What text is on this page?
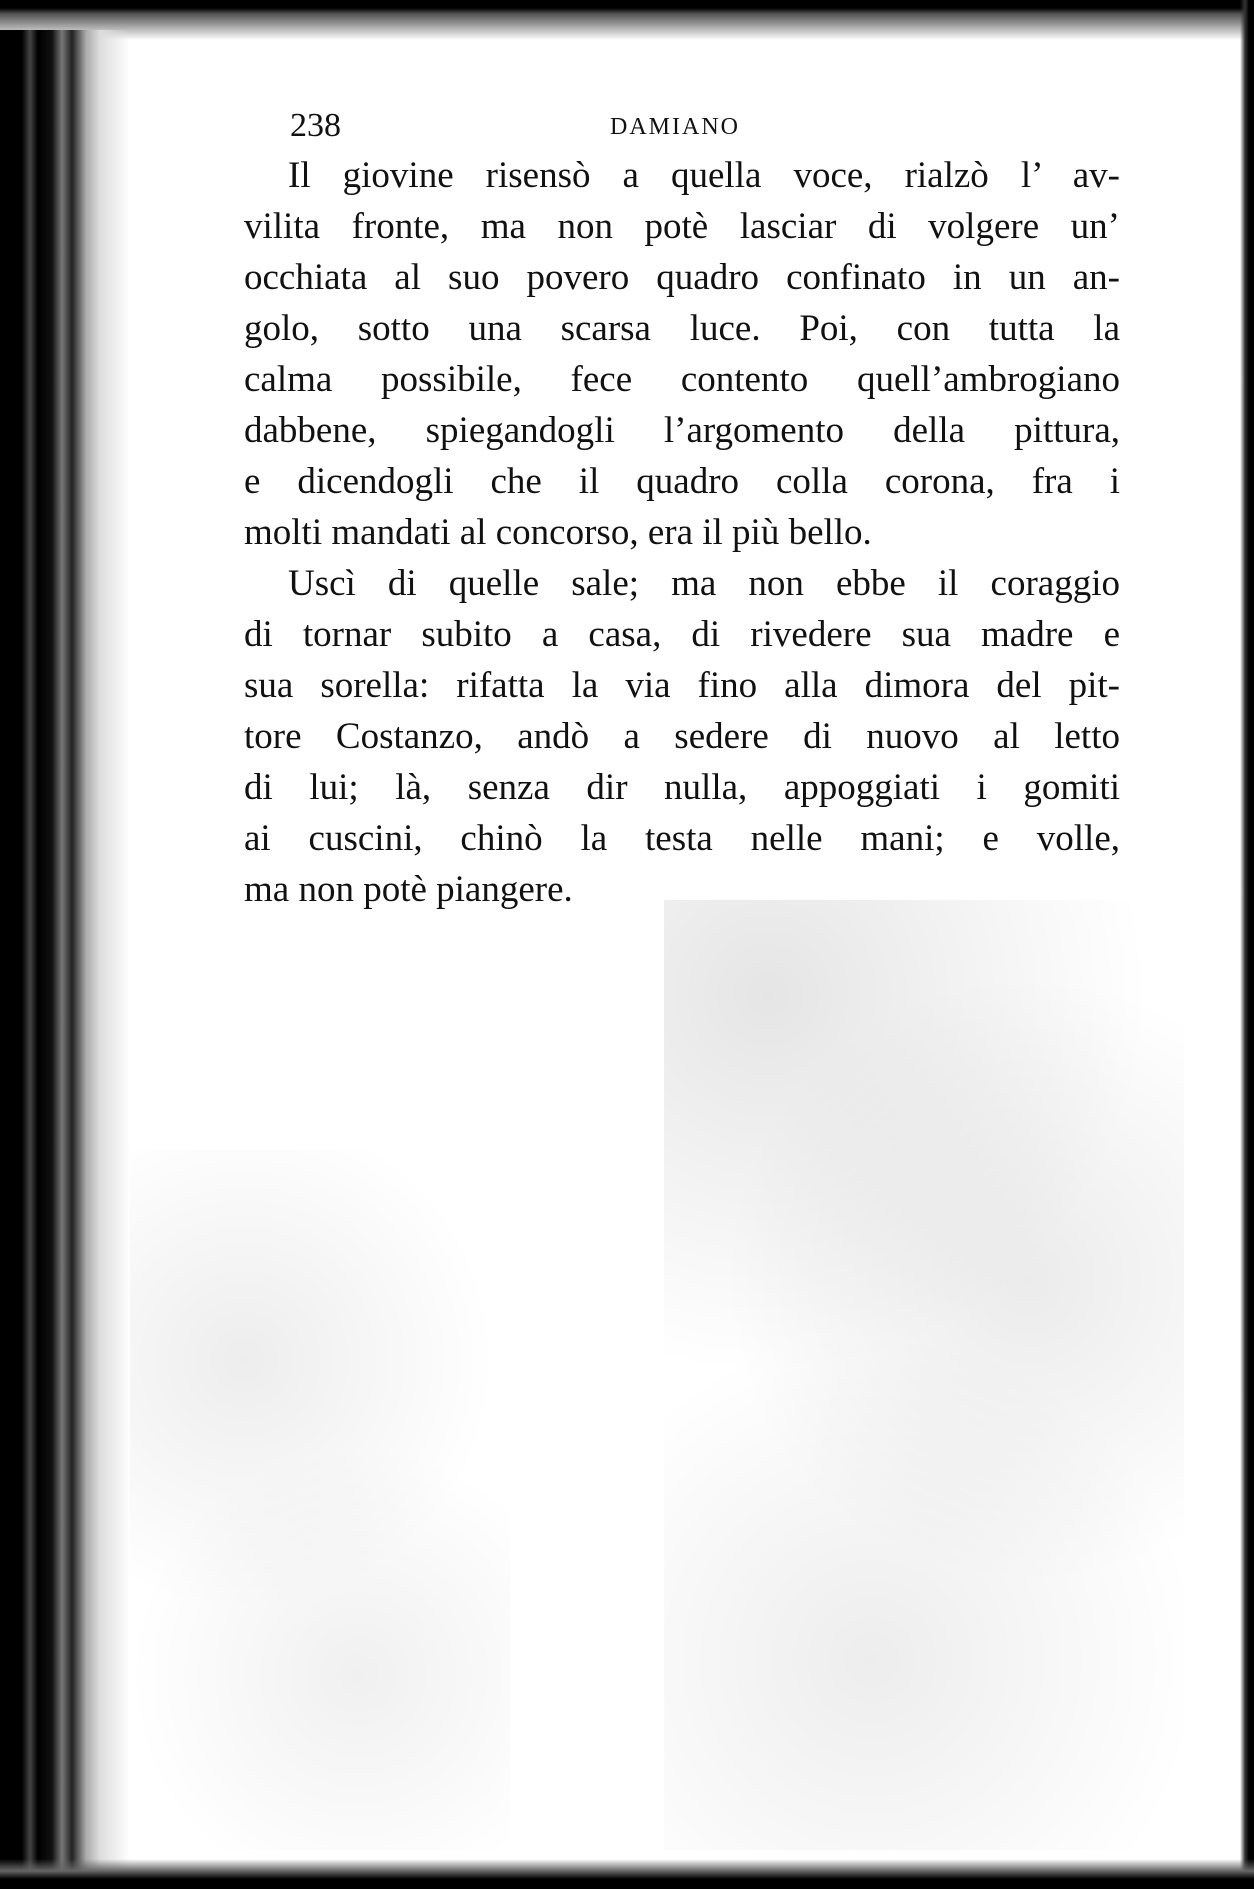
238	DAMIANO
Il giovine risensò a quella voce, rialzò l’ av-
vilita fronte, ma non potè lasciar di volgere un’
occhiata al suo povero quadro confinato in un an-
golo, sotto una scarsa luce. Poi, con tutta la
calma possibile, fece contento quell’ambrogiano
dabbene, spiegandogli l’argomento della pittura,
e dicendogli che il quadro colla corona, fra i
molti mandati al concorso, era il più bello.
Uscì di quelle sale; ma non ebbe il coraggio
di tornar subito a casa, di rivedere sua madre e
sua sorella: rifatta la via fino alla dimora del pit-
tore Costanzo, andò a sedere di nuovo al letto
di lui; là, senza dir nulla, appoggiati i gomiti
ai cuscini, chinò la testa nelle mani; e volle,
ma non potè piangere.
